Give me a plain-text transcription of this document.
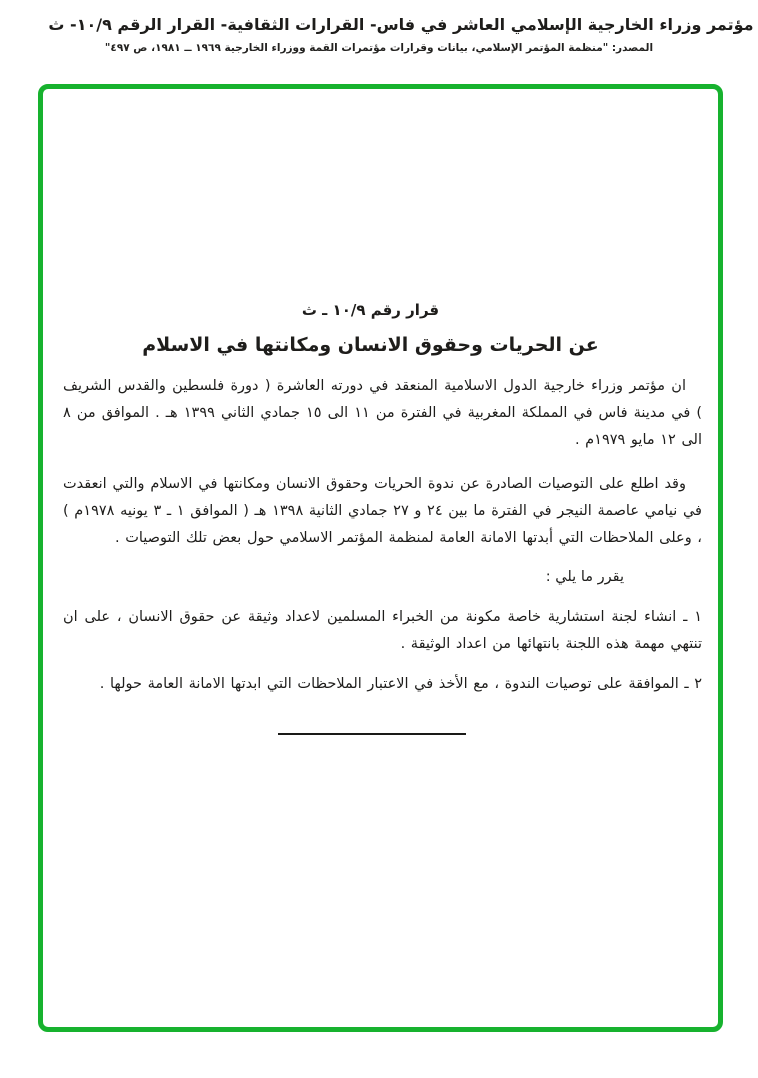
مؤتمر وزراء الخارجية الإسلامي العاشر في فاس- القرارات الثقافية- القرار الرقم ١٠/٩- ث
المصدر: "منظمة المؤتمر الإسلامي، بيانات وقرارات مؤتمرات القمة ووزراء الخارجية ١٩٦٩ ــ ١٩٨١، ص ٤٩٧"
قرار رقم ١٠/٩ ـ ث
عن الحريات وحقوق الانسان ومكانتها في الاسلام
ان مؤتمر وزراء خارجية الدول الاسلامية المنعقد في دورته العاشرة ( دورة فلسطين والقدس الشريف ) في مدينة فاس في المملكة المغربية في الفترة من ١١ الى ١٥ جمادي الثاني ١٣٩٩ هـ . الموافق من ٨ الى ١٢ مايو ١٩٧٩م .
وقد اطلع على التوصيات الصادرة عن ندوة الحريات وحقوق الانسان ومكانتها في الاسلام والتي انعقدت في نيامي عاصمة النيجر في الفترة ما بين ٢٤ و ٢٧ جمادي الثانية ١٣٩٨ هـ ( الموافق ١ ـ ٣ يونيه ١٩٧٨م ) ، وعلى الملاحظات التي أبدتها الامانة العامة لمنظمة المؤتمر الاسلامي حول بعض تلك التوصيات .
يقرر ما يلي :
١ ـ انشاء لجنة استشارية خاصة مكونة من الخبراء المسلمين لاعداد وثيقة عن حقوق الانسان ، على ان تنتهي مهمة هذه اللجنة بانتهائها من اعداد الوثيقة .
٢ ـ الموافقة على توصيات الندوة ، مع الأخذ في الاعتبار الملاحظات التي ابدتها الامانة العامة حولها .
